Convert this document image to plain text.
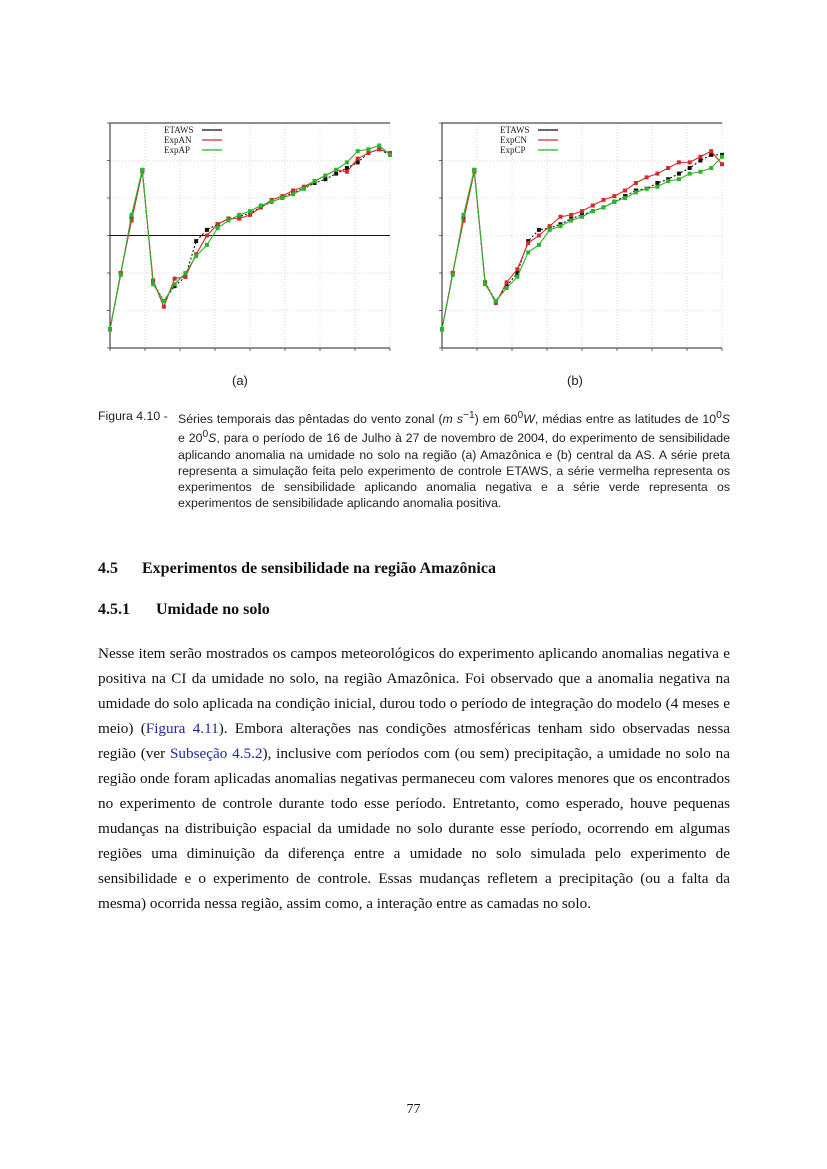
ETAWS
ExpAN
ExpAP
(a)
ETAWS
ExpCN
ExpCP
(b)
Figura 4.10 - Séries temporais das pêntadas do vento zonal (m $s^{-1}$) em $60^0W$, médias entre as latitudes de $10^0S$ e $20^0S$, para o período de 16 de Julho à 27 de novembro de 2004, do experimento de sensibilidade aplicando anomalia na umidade no solo na região (a) Amazônica e (b) central da AS. A série preta representa a simulação feita pelo experimento de controle ETAWS, a série vermelha representa os experimentos de sensibilidade aplicando anomalia negativa e a série verde representa os experimentos de sensibilidade aplicando anomalia positiva.
4.5 Experimentos de sensibilidade na região Amazônica
4.5.1 Umidade no solo
Nesse item serão mostrados os campos meteorológicos do experimento aplicando anomalias negativa e positiva na CI da umidade no solo, na região Amazônica. Foi observado que a anomalia negativa na umidade do solo aplicada na condição inicial, durou todo o período de integração do modelo (4 meses e meio) (Figura 4.11). Embora alterações nas condições atmosféricas tenham sido observadas nessa região (ver Subseção 4.5.2), inclusive com períodos com (ou sem) precipitação, a umidade no solo na região onde foram aplicadas anomalias negativas permaneceu com valores menores que os encontrados no experimento de controle durante todo esse período. Entretanto, como esperado, houve pequenas mudanças na distribuição espacial da umidade no solo durante esse período, ocorrendo em algumas regiões uma diminuição da diferença entre a umidade no solo simulada pelo experimento de sensibilidade e o experimento de controle. Essas mudanças refletem a precipitação (ou a falta da mesma) ocorrida nessa região, assim como, a interação entre as camadas no solo.
77
